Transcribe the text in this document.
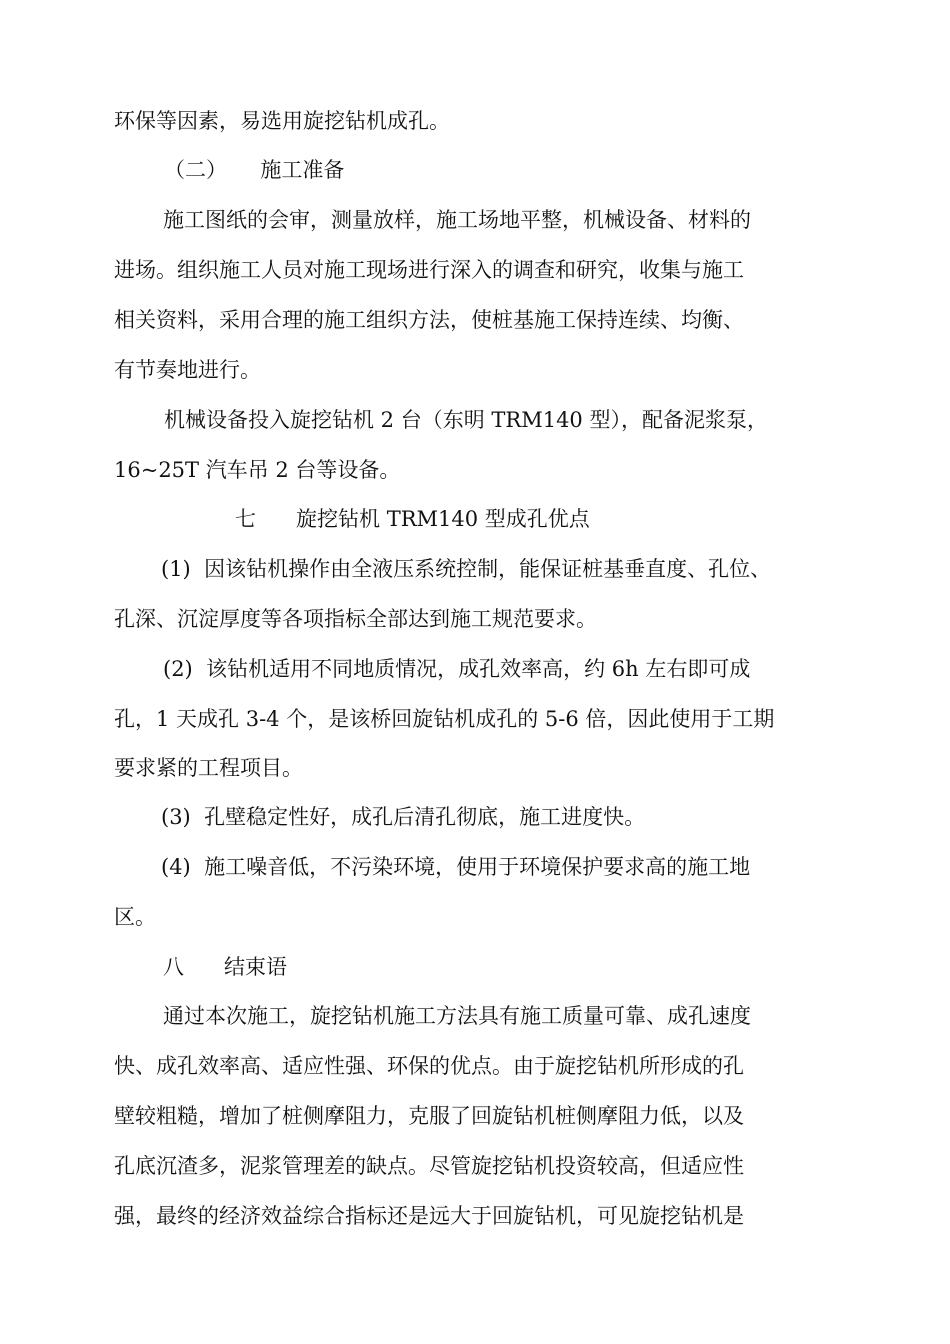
环保等因素，易选用旋挖钻机成孔。
（二）     施工准备
施工图纸的会审，测量放样，施工场地平整，机械设备、材料的
进场。组织施工人员对施工现场进行深入的调查和研究，收集与施工
相关资料，采用合理的施工组织方法，使桩基施工保持连续、均衡、
有节奏地进行。
机械设备投入旋挖钻机 2 台（东明 TRM140 型），配备泥浆泵，
16~25T 汽车吊 2 台等设备。
七      旋挖钻机 TRM140 型成孔优点
(1)  因该钻机操作由全液压系统控制，能保证桩基垂直度、孔位、
孔深、沉淀厚度等各项指标全部达到施工规范要求。
(2)  该钻机适用不同地质情况，成孔效率高，约 6h 左右即可成
孔，1 天成孔 3-4 个，是该桥回旋钻机成孔的 5-6 倍，因此使用于工期
要求紧的工程项目。
(3)  孔壁稳定性好，成孔后清孔彻底，施工进度快。
(4)  施工噪音低，不污染环境，使用于环境保护要求高的施工地
区。
八      结束语
通过本次施工，旋挖钻机施工方法具有施工质量可靠、成孔速度
快、成孔效率高、适应性强、环保的优点。由于旋挖钻机所形成的孔
壁较粗糙，增加了桩侧摩阻力，克服了回旋钻机桩侧摩阻力低，以及
孔底沉渣多，泥浆管理差的缺点。尽管旋挖钻机投资较高，但适应性
强，最终的经济效益综合指标还是远大于回旋钻机，可见旋挖钻机是
